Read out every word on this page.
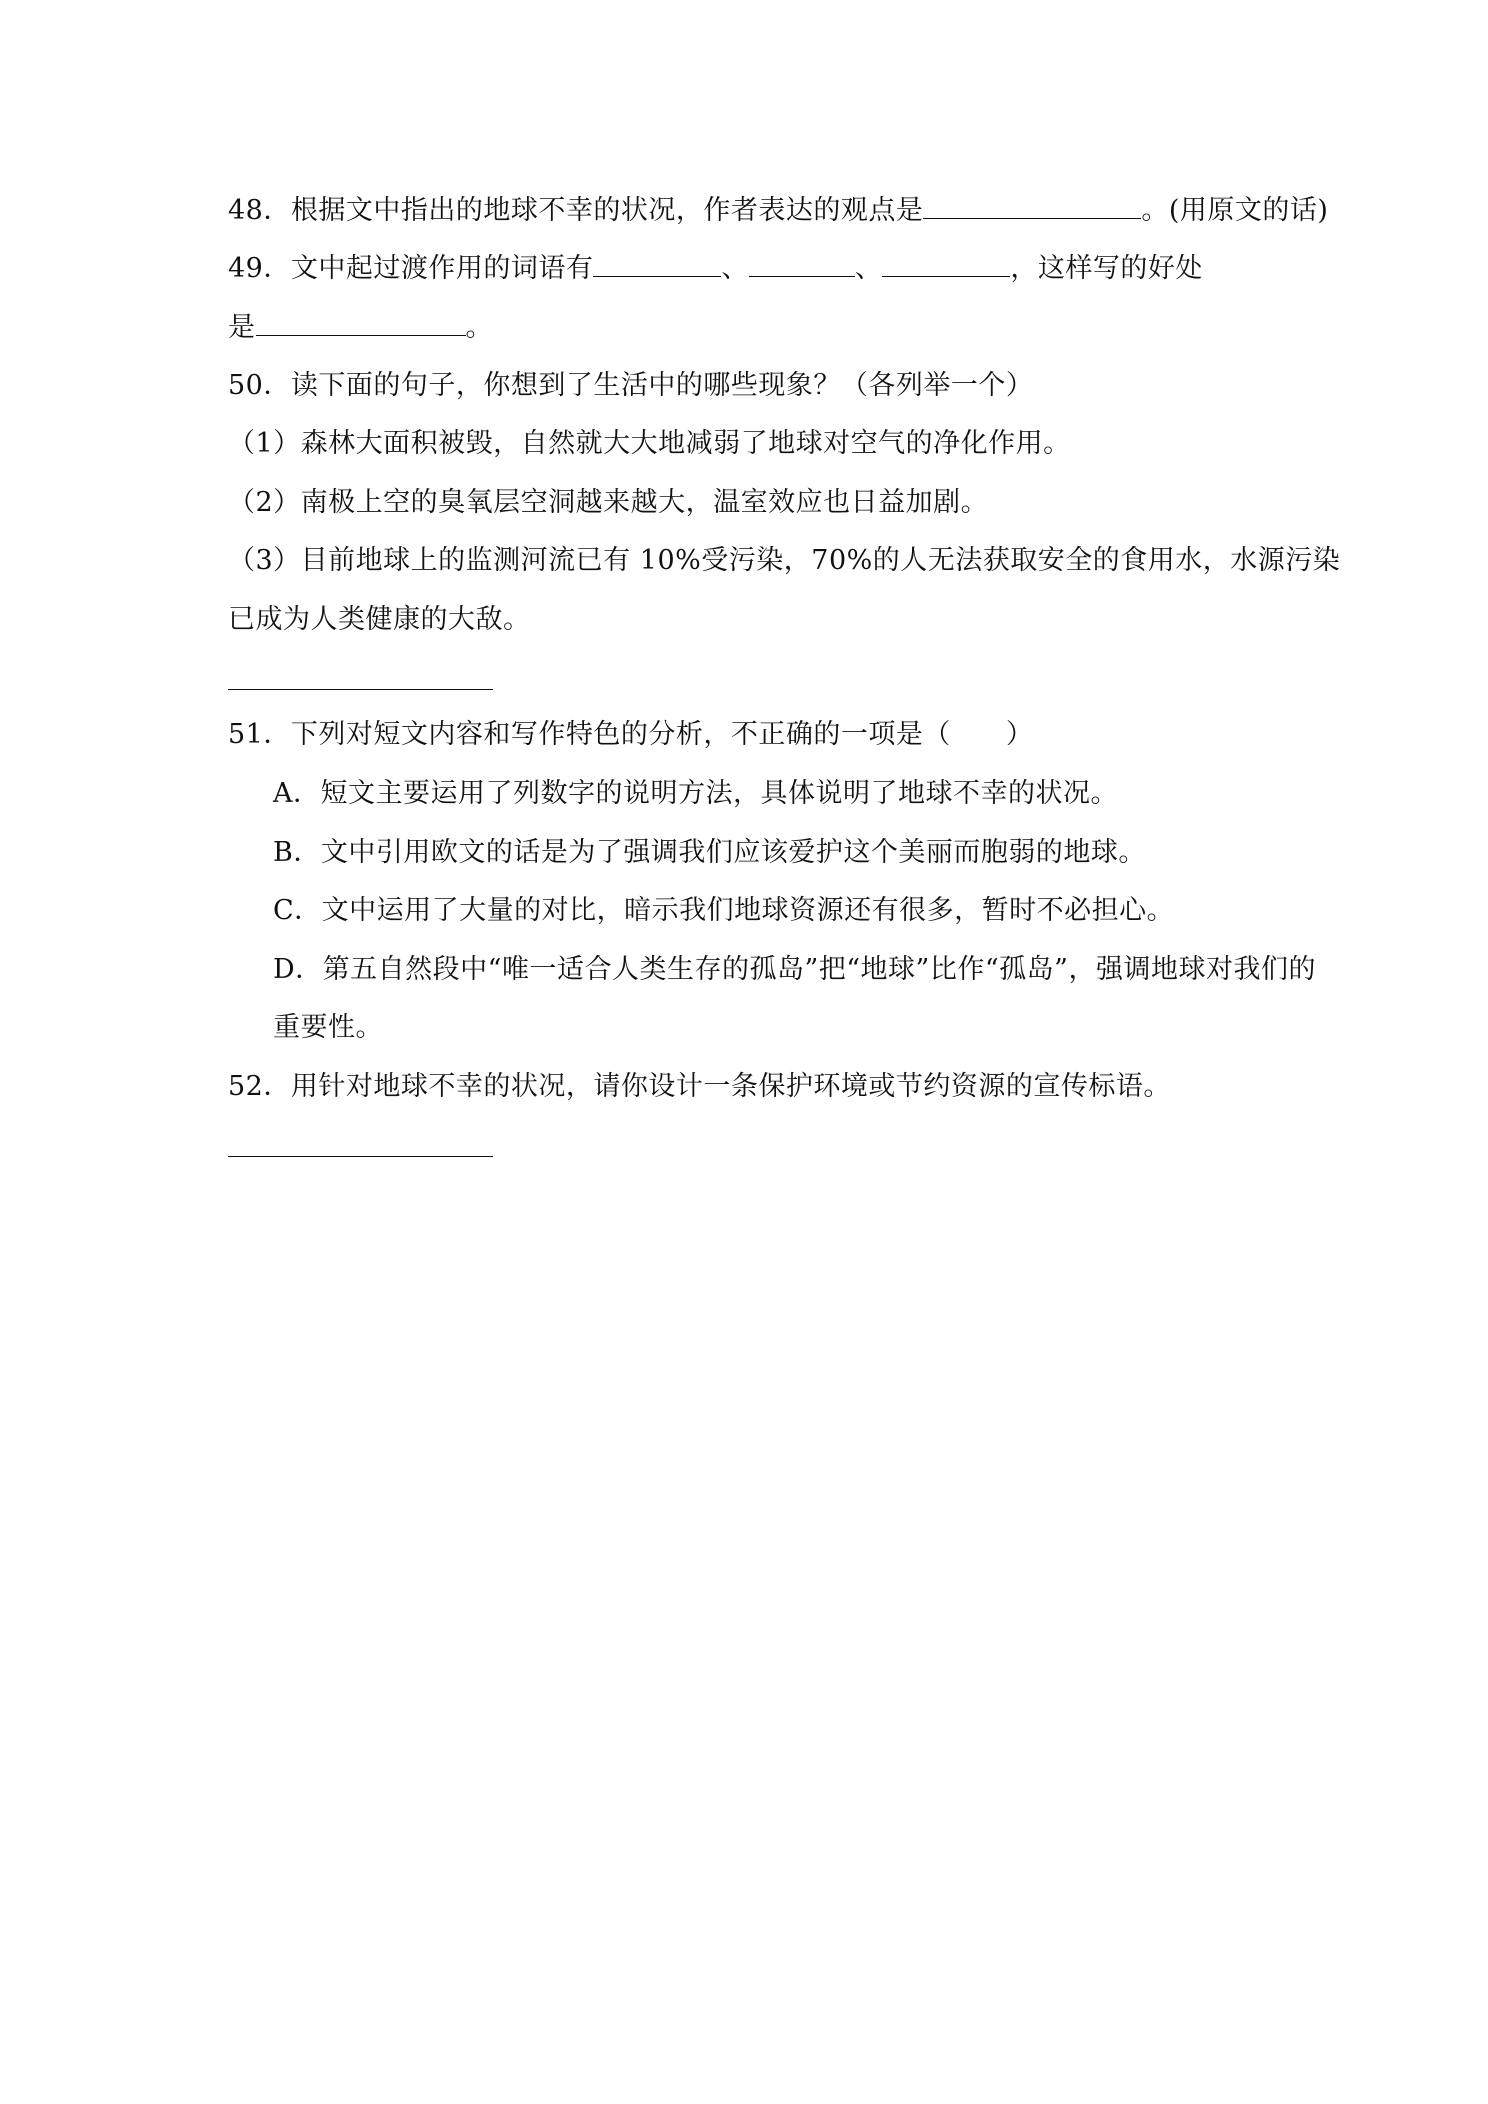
48．根据文中指出的地球不幸的状况，作者表达的观点是	。(用原文的话)
49．文中起过渡作用的词语有	、	、	，这样写的好处
是	。
50．读下面的句子，你想到了生活中的哪些现象？（各列举一个）
（1）森林大面积被毁，自然就大大地减弱了地球对空气的净化作用。
（2）南极上空的臭氧层空洞越来越大，温室效应也日益加剧。
（3）目前地球上的监测河流已有 10%受污染，70%的人无法获取安全的食用水，水源污染
已成为人类健康的大敌。
51．下列对短文内容和写作特色的分析，不正确的一项是（　　）
A．短文主要运用了列数字的说明方法，具体说明了地球不幸的状况。
B．文中引用欧文的话是为了强调我们应该爱护这个美丽而胞弱的地球。
C．文中运用了大量的对比，暗示我们地球资源还有很多，暂时不必担心。
D．第五自然段中“唯一适合人类生存的孤岛”把“地球”比作“孤岛”，强调地球对我们的
重要性。
52．用针对地球不幸的状况，请你设计一条保护环境或节约资源的宣传标语。
